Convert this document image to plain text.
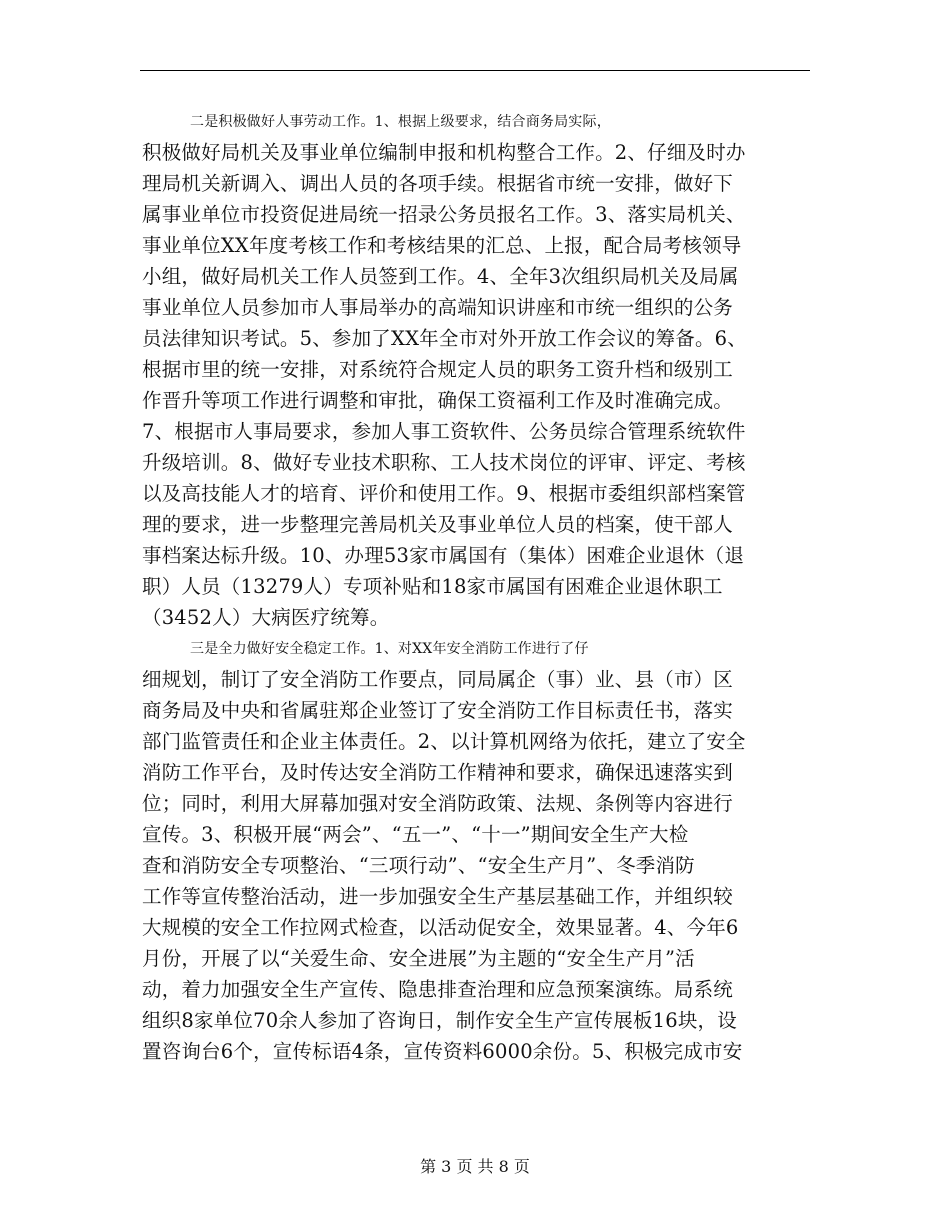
二是积极做好人事劳动工作。1、根据上级要求，结合商务局实际，
积极做好局机关及事业单位编制申报和机构整合工作。2、仔细及时办
理局机关新调入、调出人员的各项手续。根据省市统一安排，做好下
属事业单位市投资促进局统一招录公务员报名工作。3、落实局机关、
事业单位XX年度考核工作和考核结果的汇总、上报，配合局考核领导
小组，做好局机关工作人员签到工作。4、全年3次组织局机关及局属
事业单位人员参加市人事局举办的高端知识讲座和市统一组织的公务
员法律知识考试。5、参加了XX年全市对外开放工作会议的筹备。6、
根据市里的统一安排，对系统符合规定人员的职务工资升档和级别工
作晋升等项工作进行调整和审批，确保工资福利工作及时准确完成。
7、根据市人事局要求，参加人事工资软件、公务员综合管理系统软件
升级培训。8、做好专业技术职称、工人技术岗位的评审、评定、考核
以及高技能人才的培育、评价和使用工作。9、根据市委组织部档案管
理的要求，进一步整理完善局机关及事业单位人员的档案，使干部人
事档案达标升级。10、办理53家市属国有（集体）困难企业退休（退
职）人员（13279人）专项补贴和18家市属国有困难企业退休职工
（3452人）大病医疗统筹。
三是全力做好安全稳定工作。1、对XX年安全消防工作进行了仔
细规划，制订了安全消防工作要点，同局属企（事）业、县（市）区
商务局及中央和省属驻郑企业签订了安全消防工作目标责任书，落实
部门监管责任和企业主体责任。2、以计算机网络为依托，建立了安全
消防工作平台，及时传达安全消防工作精神和要求，确保迅速落实到
位；同时，利用大屏幕加强对安全消防政策、法规、条例等内容进行
宣传。3、积极开展“两会”、“五一”、“十一”期间安全生产大检
查和消防安全专项整治、“三项行动”、“安全生产月”、冬季消防
工作等宣传整治活动，进一步加强安全生产基层基础工作，并组织较
大规模的安全工作拉网式检查，以活动促安全，效果显著。4、今年6
月份，开展了以“关爱生命、安全进展”为主题的“安全生产月”活
动，着力加强安全生产宣传、隐患排查治理和应急预案演练。局系统
组织8家单位70余人参加了咨询日，制作安全生产宣传展板16块，设
置咨询台6个，宣传标语4条，宣传资料6000余份。5、积极完成市安
第 3 页 共 8 页
